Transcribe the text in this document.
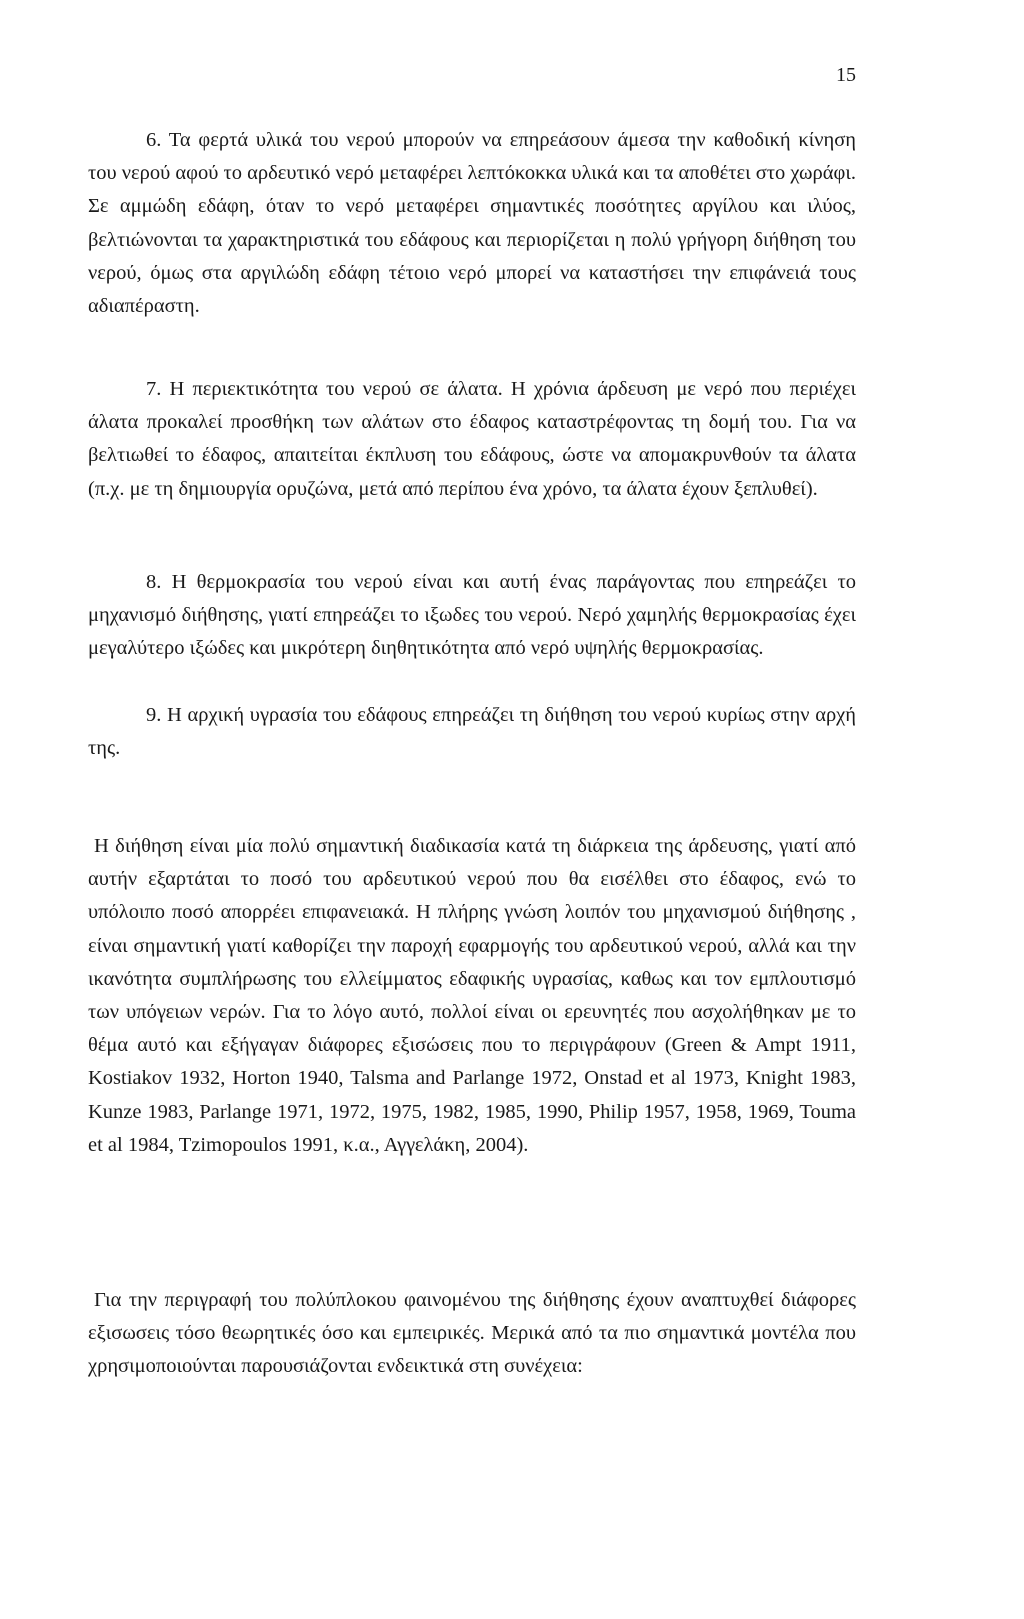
15

6. Τα φερτά υλικά του νερού μπορούν να επηρεάσουν άμεσα την καθοδική κίνηση του νερού αφού το αρδευτικό νερό μεταφέρει λεπτόκοκκα υλικά και τα αποθέτει στο χωράφι. Σε αμμώδη εδάφη, όταν το νερό μεταφέρει σημαντικές ποσότητες αργίλου και ιλύος, βελτιώνονται τα χαρακτηριστικά του εδάφους και περιορίζεται η πολύ γρήγορη διήθηση του νερού, όμως στα αργιλώδη εδάφη τέτοιο νερό μπορεί να καταστήσει την επιφάνειά τους αδιαπέραστη.

7. Η περιεκτικότητα του νερού σε άλατα. Η χρόνια άρδευση με νερό που περιέχει άλατα προκαλεί προσθήκη των αλάτων στο έδαφος καταστρέφοντας τη δομή του. Για να βελτιωθεί το έδαφος, απαιτείται έκπλυση του εδάφους, ώστε να απομακρυνθούν τα άλατα (π.χ. με τη δημιουργία ορυζώνα, μετά από περίπου ένα χρόνο, τα άλατα έχουν ξεπλυθεί).

8. Η θερμοκρασία του νερού είναι και αυτή ένας παράγοντας που επηρεάζει το μηχανισμό διήθησης, γιατί επηρεάζει το ιξωδες του νερού. Νερό χαμηλής θερμοκρασίας έχει μεγαλύτερο ιξώδες και μικρότερη διηθητικότητα από νερό υψηλής θερμοκρασίας.

9. Η αρχική υγρασία του εδάφους επηρεάζει τη διήθηση του νερού κυρίως στην αρχή της.

Η διήθηση είναι μία πολύ σημαντική διαδικασία κατά τη διάρκεια της άρδευσης, γιατί από αυτήν εξαρτάται το ποσό του αρδευτικού νερού που θα εισέλθει στο έδαφος, ενώ το υπόλοιπο ποσό απορρέει επιφανειακά. Η πλήρης γνώση λοιπόν του μηχανισμού διήθησης , είναι σημαντική γιατί καθορίζει την παροχή εφαρμογής του αρδευτικού νερού, αλλά και την ικανότητα συμπλήρωσης του ελλείμματος εδαφικής υγρασίας, καθως και τον εμπλουτισμό των υπόγειων νερών. Για το λόγο αυτό, πολλοί είναι οι ερευνητές που ασχολήθηκαν με το θέμα αυτό και εξήγαγαν διάφορες εξισώσεις που το περιγράφουν (Green & Ampt 1911, Kostiakov 1932, Horton 1940, Talsma and Parlange 1972, Onstad et al 1973, Knight 1983, Kunze 1983, Parlange 1971, 1972, 1975, 1982, 1985, 1990, Philip 1957, 1958, 1969, Touma et al 1984, Tzimopoulos 1991, κ.α., Αγγελάκη, 2004).

Για την περιγραφή του πολύπλοκου φαινομένου της διήθησης έχουν αναπτυχθεί διάφορες εξισωσεις τόσο θεωρητικές όσο και εμπειρικές. Μερικά από τα πιο σημαντικά μοντέλα που χρησιμοποιούνται παρουσιάζονται ενδεικτικά στη συνέχεια:
